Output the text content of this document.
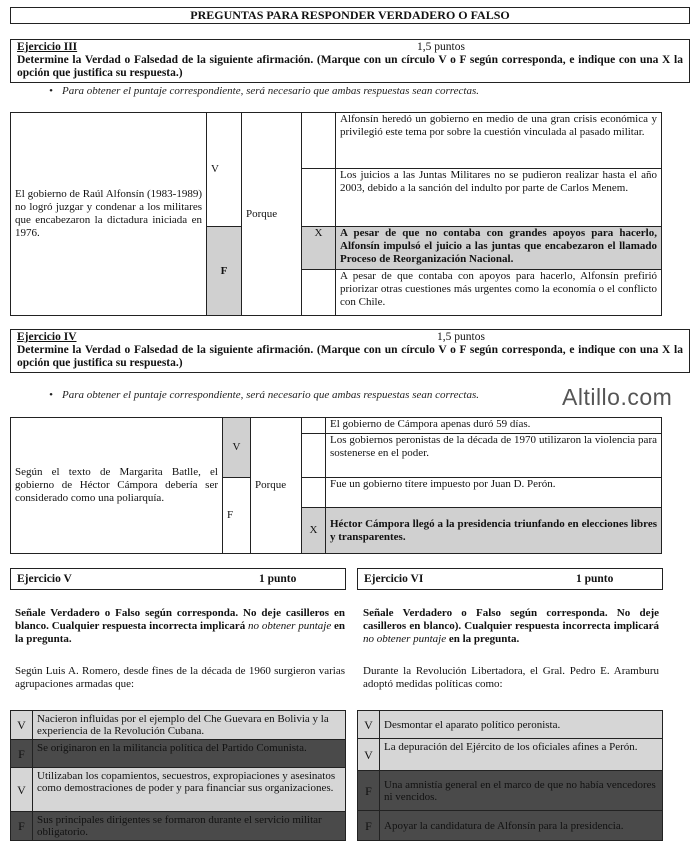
PREGUNTAS PARA RESPONDER VERDADERO O FALSO
Ejercicio III	1,5 puntos
Determine la Verdad o Falsedad de la siguiente afirmación. (Marque con un círculo V o F según corresponda, e indique con una X la opción que justifica su respuesta.)
• Para obtener el puntaje correspondiente, será necesario que ambas respuestas sean correctas.
El gobierno de Raúl Alfonsín (1983-1989) no logró juzgar y condenar a los militares que encabezaron la dictadura iniciada en 1976.	V	Porque		Alfonsín heredó un gobierno en medio de una gran crisis económica y privilegió este tema por sobre la cuestión vinculada al pasado militar.
				Los juicios a las Juntas Militares no se pudieron realizar hasta el año 2003, debido a la sanción del indulto por parte de Carlos Menem.
	F		X	A pesar de que no contaba con grandes apoyos para hacerlo, Alfonsín impulsó el juicio a las juntas que encabezaron el llamado Proceso de Reorganización Nacional.
				A pesar de que contaba con apoyos para hacerlo, Alfonsín prefirió priorizar otras cuestiones más urgentes como la economía o el conflicto con Chile.
Ejercicio IV	1,5 puntos
Determine la Verdad o Falsedad de la siguiente afirmación. (Marque con un círculo V o F según corresponda, e indique con una X la opción que justifica su respuesta.)
• Para obtener el puntaje correspondiente, será necesario que ambas respuestas sean correctas.	Altillo.com
Según el texto de Margarita Batlle, el gobierno de Héctor Cámpora debería ser considerado como una poliarquía.	V	Porque		El gobierno de Cámpora apenas duró 59 días.
				Los gobiernos peronistas de la década de 1970 utilizaron la violencia para sostenerse en el poder.
	F			Fue un gobierno títere impuesto por Juan D. Perón.
			X	Héctor Cámpora llegó a la presidencia triunfando en elecciones libres y transparentes.
Ejercicio V	1 punto
Señale Verdadero o Falso según corresponda. No deje casilleros en blanco. Cualquier respuesta incorrecta implicará no obtener puntaje en la pregunta.
Según Luis A. Romero, desde fines de la década de 1960 surgieron varias agrupaciones armadas que:
V	Nacieron influidas por el ejemplo del Che Guevara en Bolivia y la experiencia de la Revolución Cubana.
F	Se originaron en la militancia política del Partido Comunista.
V	Utilizaban los copamientos, secuestros, expropiaciones y asesinatos como demostraciones de poder y para financiar sus organizaciones.
F	Sus principales dirigentes se formaron durante el servicio militar obligatorio.
Ejercicio VI	1 punto
Señale Verdadero o Falso según corresponda. No deje casilleros en blanco). Cualquier respuesta incorrecta implicará no obtener puntaje en la pregunta.
Durante la Revolución Libertadora, el Gral. Pedro E. Aramburu adoptó medidas políticas como:
V	Desmontar el aparato político peronista.
V	La depuración del Ejército de los oficiales afines a Perón.
F	Una amnistía general en el marco de que no había vencedores ni vencidos.
F	Apoyar la candidatura de Alfonsín para la presidencia.
